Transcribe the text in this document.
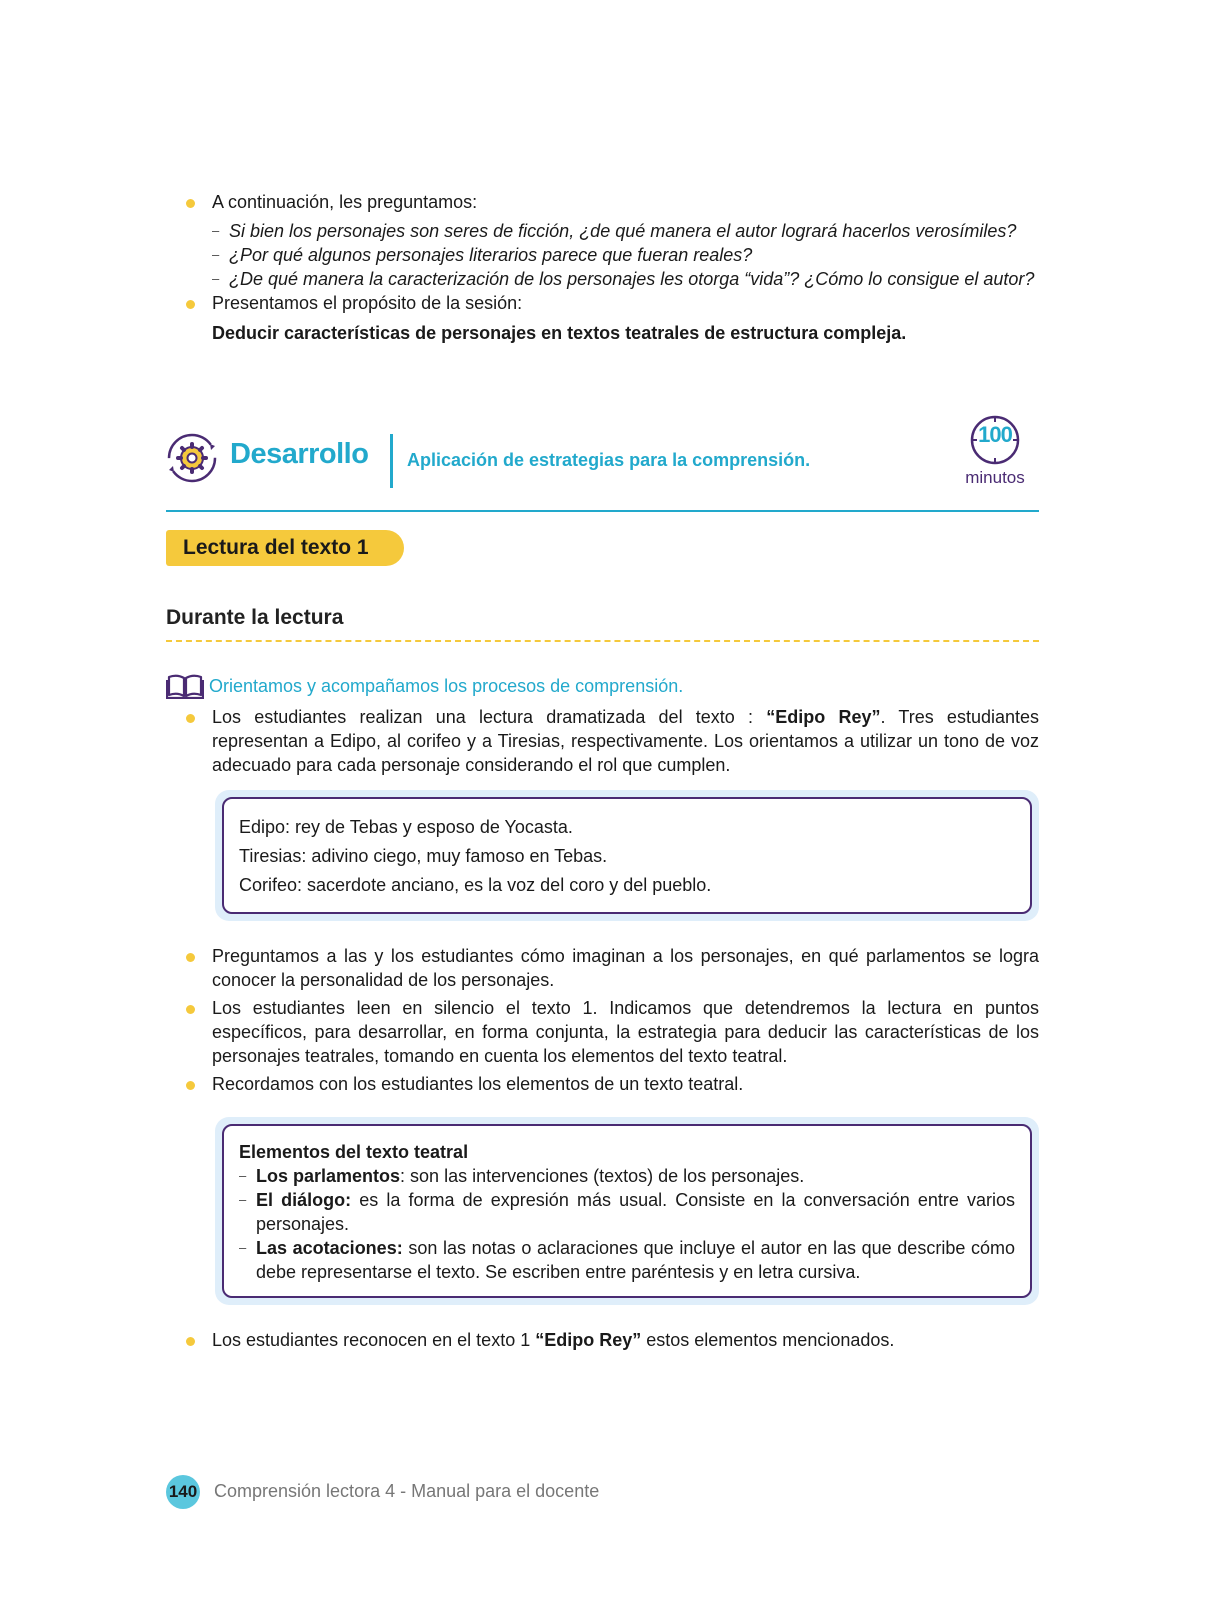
A continuación, les preguntamos:
– Si bien los personajes son seres de ficción, ¿de qué manera el autor logrará hacerlos verosímiles?
– ¿Por qué algunos personajes literarios parece que fueran reales?
– ¿De qué manera la caracterización de los personajes les otorga “vida”? ¿Cómo lo consigue el autor?
Presentamos el propósito de la sesión:
Deducir características de personajes en textos teatrales de estructura compleja.
Desarrollo Aplicación de estrategias para la comprensión.
100
minutos
Lectura del texto 1
Durante la lectura
Orientamos y acompañamos los procesos de comprensión.
Los estudiantes realizan una lectura dramatizada del texto : “Edipo Rey”. Tres estudiantes representan a Edipo, al corifeo y a Tiresias, respectivamente. Los orientamos a utilizar un tono de voz adecuado para cada personaje considerando el rol que cumplen.
Edipo: rey de Tebas y esposo de Yocasta.
Tiresias: adivino ciego, muy famoso en Tebas.
Corifeo: sacerdote anciano, es la voz del coro y del pueblo.
Preguntamos a las y los estudiantes cómo imaginan a los personajes, en qué parlamentos se logra conocer la personalidad de los personajes.
Los estudiantes leen en silencio el texto 1. Indicamos que detendremos la lectura en puntos específicos, para desarrollar, en forma conjunta, la estrategia para deducir las características de los personajes teatrales, tomando en cuenta los elementos del texto teatral.
Recordamos con los estudiantes los elementos de un texto teatral.
Elementos del texto teatral
– Los parlamentos: son las intervenciones (textos) de los personajes.
– El diálogo: es la forma de expresión más usual. Consiste en la conversación entre varios personajes.
– Las acotaciones: son las notas o aclaraciones que incluye el autor en las que describe cómo debe representarse el texto. Se escriben entre paréntesis y en letra cursiva.
Los estudiantes reconocen en el texto 1 “Edipo Rey” estos elementos mencionados.
140 Comprensión lectora 4 - Manual para el docente
